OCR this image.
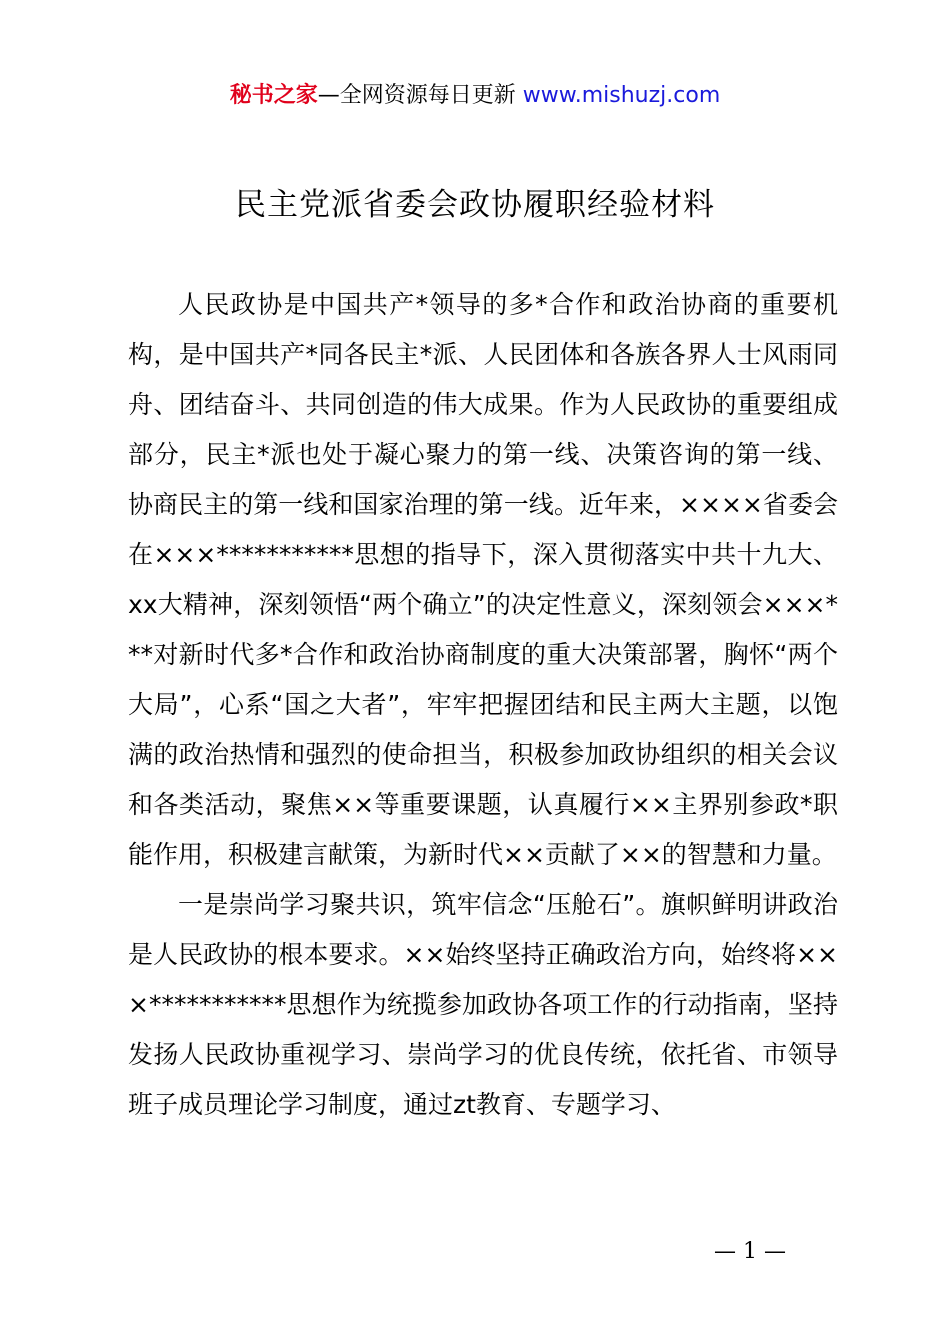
秘书之家—全网资源每日更新 www.mishuzj.com
民主党派省委会政协履职经验材料

人民政协是中国共产*领导的多*合作和政治协商的重要机构，是中国共产*同各民主*派、人民团体和各族各界人士风雨同舟、团结奋斗、共同创造的伟大成果。作为人民政协的重要组成部分，民主*派也处于凝心聚力的第一线、决策咨询的第一线、协商民主的第一线和国家治理的第一线。近年来，××××省委会在×××***********思想的指导下，深入贯彻落实中共十九大、xx大精神，深刻领悟“两个确立”的决定性意义，深刻领会×××***对新时代多*合作和政治协商制度的重大决策部署，胸怀“两个大局”，心系“国之大者”，牢牢把握团结和民主两大主题，以饱满的政治热情和强烈的使命担当，积极参加政协组织的相关会议和各类活动，聚焦××等重要课题，认真履行××主界别参政*职能作用，积极建言献策，为新时代××贡献了××的智慧和力量。

一是崇尚学习聚共识，筑牢信念“压舱石”。旗帜鲜明讲政治是人民政协的根本要求。××始终坚持正确政治方向，始终将×××***********思想作为统揽参加政协各项工作的行动指南，坚持发扬人民政协重视学习、崇尚学习的优良传统，依托省、市领导班子成员理论学习制度，通过zt教育、专题学习、

— 1 —
